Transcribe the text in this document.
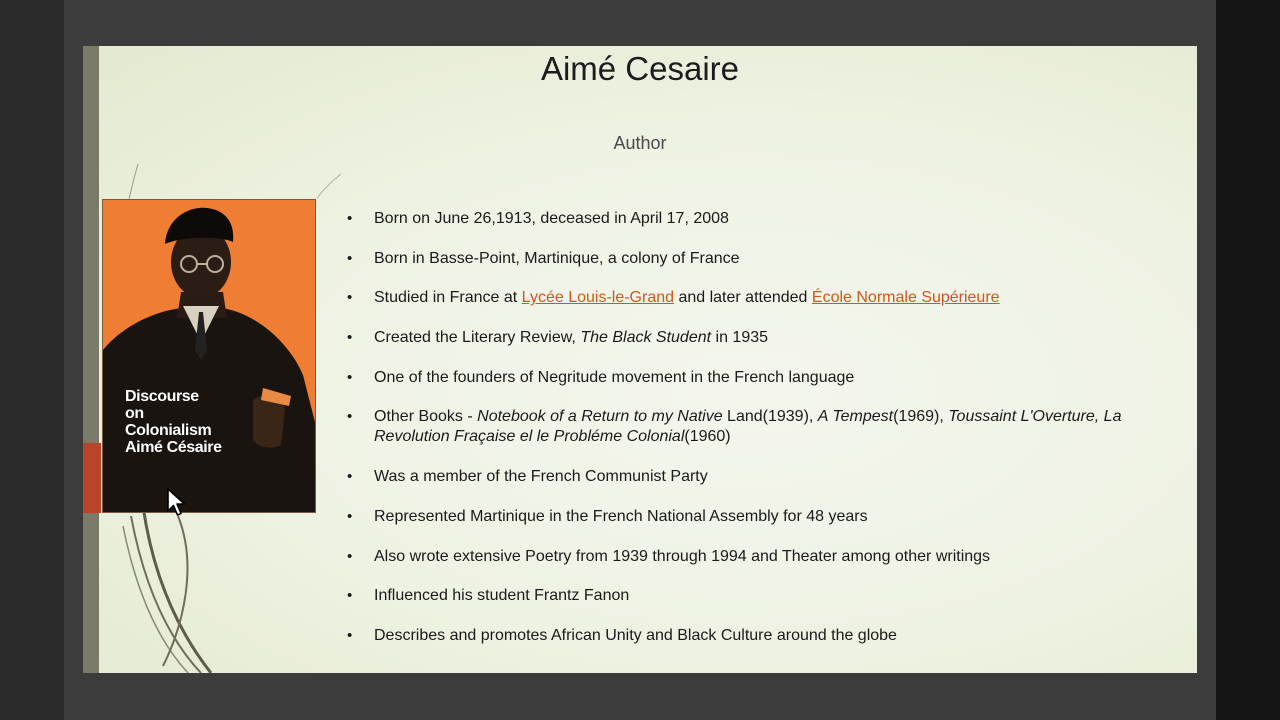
Aimé Cesaire
Author
Discourse
on
Colonialism
Aimé Césaire
• Born on June 26,1913, deceased in April 17, 2008
• Born in Basse-Point, Martinique, a colony of France
• Studied in France at Lycée Louis-le-Grand and later attended École Normale Supérieure
• Created the Literary Review, The Black Student in 1935
• One of the founders of Negritude movement in the French language
• Other Books - Notebook of a Return to my Native Land(1939), A Tempest(1969), Toussaint L'Overture, La Revolution Fraçaise el le Probléme Colonial(1960)
• Was a member of the French Communist Party
• Represented Martinique in the French National Assembly for 48 years
• Also wrote extensive Poetry from 1939 through 1994 and Theater among other writings
• Influenced his student Frantz Fanon
• Describes and promotes African Unity and Black Culture around the globe
